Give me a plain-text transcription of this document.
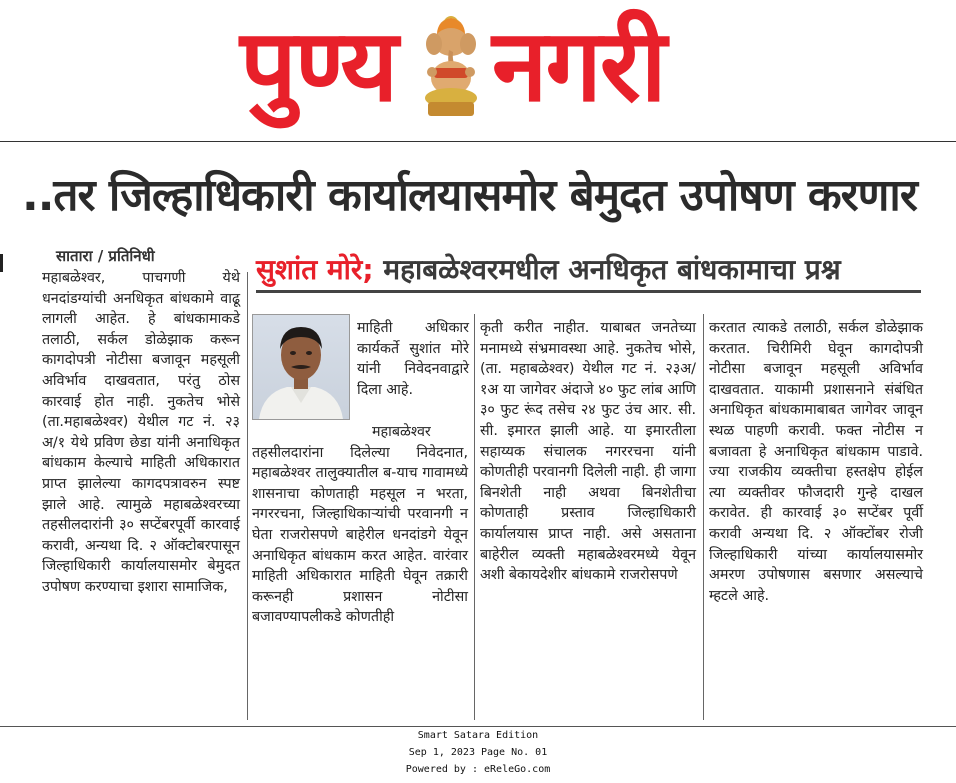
पुण्य नगरी
..तर जिल्हाधिकारी कार्यालयासमोर बेमुदत उपोषण करणार
सातारा / प्रतिनिधी	सुशांत मोरे; महाबळेश्वरमधील अनधिकृत बांधकामाचा प्रश्न

महाबळेश्वर, पाचगणी येथे धनदांडग्यांची अनधिकृत बांधकामे वाढू लागली आहेत. हे बांधकामाकडे तलाठी, सर्कल डोळेझाक करून कागदोपत्री नोटीसा बजावून महसूली अविर्भाव दाखवतात, परंतु ठोस कारवाई होत नाही. नुकतेच भोसे (ता.महाबळेश्वर) येथील गट नं. २३ अ/१ येथे प्रविण छेडा यांनी अनाधिकृत बांधकाम केल्याचे माहिती अधिकारात प्राप्त झालेल्या कागदपत्रावरुन स्पष्ट झाले आहे. त्यामुळे महाबळेश्वरच्या तहसीलदारांनी ३० सप्टेंबरपूर्वी कारवाई करावी, अन्यथा दि. २ ऑक्टोबरपासून जिल्हाधिकारी कार्यालयासमोर बेमुदत उपोषण करण्याचा इशारा सामाजिक,

माहिती अधिकार कार्यकर्ते सुशांत मोरे यांनी निवेदनवाद्वारे दिला आहे.

महाबळेश्वर तहसीलदारांना दिलेल्या निवेदनात, महाबळेश्वर तालुक्यातील ब-याच गावामध्ये शासनाचा कोणताही महसूल न भरता, नगररचना, जिल्हाधिकाऱ्यांची परवानगी न घेता राजरोसपणे बाहेरील धनदांडगे येवून अनाधिकृत बांधकाम करत आहेत. वारंवार माहिती अधिकारात माहिती घेवून तक्रारी करूनही प्रशासन नोटीसा बजावण्यापलीकडे कोणतीही

कृती करीत नाहीत. याबाबत जनतेच्या मनामध्ये संभ्रमावस्था आहे. नुकतेच भोसे, (ता. महाबळेश्वर) येथील गट नं. २३अ/ १अ या जागेवर अंदाजे ४० फुट लांब आणि ३० फुट रूंद तसेच २४ फुट उंच आर. सी. सी. इमारत झाली आहे. या इमारतीला सहाय्यक संचालक नगररचना यांनी कोणतीही परवानगी दिलेली नाही. ही जागा बिनशेती नाही अथवा बिनशेतीचा कोणताही प्रस्ताव जिल्हाधिकारी कार्यालयास प्राप्त नाही. असे असताना बाहेरील व्यक्ती महाबळेश्वरमध्ये येवून अशी बेकायदेशीर बांधकामे राजरोसपणे

करतात त्याकडे तलाठी, सर्कल डोळेझाक करतात. चिरीमिरी घेवून कागदोपत्री नोटीसा बजावून महसूली अविर्भाव दाखवतात. याकामी प्रशासनाने संबंधित अनाधिकृत बांधकामाबाबत जागेवर जावून स्थळ पाहणी करावी. फक्त नोटीस न बजावता हे अनाधिकृत बांधकाम पाडावे. ज्या राजकीय व्यक्तीचा हस्तक्षेप होईल त्या व्यक्तीवर फौजदारी गुन्हे दाखल करावेत. ही कारवाई ३० सप्टेंबर पूर्वी करावी अन्यथा दि. २ ऑक्टोंबर रोजी जिल्हाधिकारी यांच्या कार्यालयासमोर अमरण उपोषणास बसणार असल्याचे म्हटले आहे.

Smart Satara Edition
Sep 1, 2023 Page No. 01
Powered by : eReleGo.com
